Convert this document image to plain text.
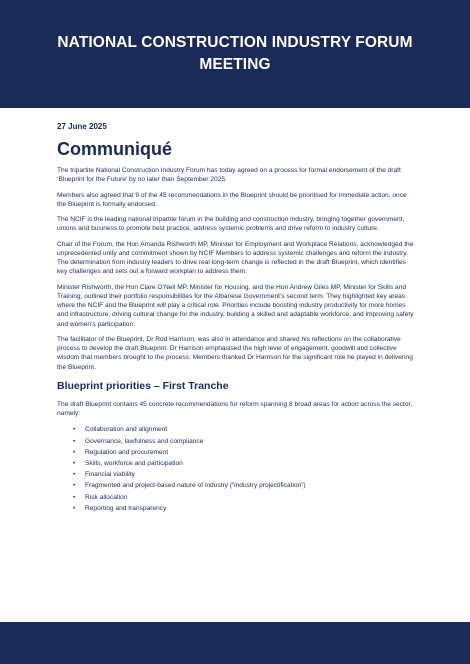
NATIONAL CONSTRUCTION INDUSTRY FORUM MEETING
27 June 2025
Communiqué

The tripartite National Construction Industry Forum has today agreed on a process for formal endorsement of the draft ‘Blueprint for the Future’ by no later than September 2025.

Members also agreed that 9 of the 45 recommendations in the Blueprint should be prioritised for immediate action, once the Blueprint is formally endorsed.

The NCIF is the leading national tripartite forum in the building and construction industry, bringing together government, unions and business to promote best practice, address systemic problems and drive reform to industry culture.

Chair of the Forum, the Hon Amanda Rishworth MP, Minister for Employment and Workplace Relations, acknowledged the unprecedented unity and commitment shown by NCIF Members to address systemic challenges and reform the industry. The determination from industry leaders to drive real long-term change is reflected in the draft Blueprint, which identifies key challenges and sets out a forward workplan to address them.

Minister Rishworth, the Hon Clare O’Neil MP, Minister for Housing, and the Hon Andrew Giles MP, Minister for Skills and Training, outlined their portfolio responsibilities for the Albanese Government’s second term. They highlighted key areas where the NCIF and the Blueprint will play a critical role. Priorities include boosting industry productivity for more homes and infrastructure, driving cultural change for the industry, building a skilled and adaptable workforce, and improving safety and women’s participation.

The facilitator of the Blueprint, Dr Rod Harrison, was also in attendance and shared his reflections on the collaborative process to develop the draft Blueprint. Dr Harrison emphasised the high level of engagement, goodwill and collective wisdom that members brought to the process. Members thanked Dr Harrison for the significant role he played in delivering the Blueprint.

Blueprint priorities – First Tranche

The draft Blueprint contains 45 concrete recommendations for reform spanning 8 broad areas for action across the sector, namely:

• Collaboration and alignment
• Governance, lawfulness and compliance
• Regulation and procurement
• Skills, workforce and participation
• Financial viability
• Fragmented and project-based nature of industry (“industry projectification”)
• Risk allocation
• Reporting and transparency
